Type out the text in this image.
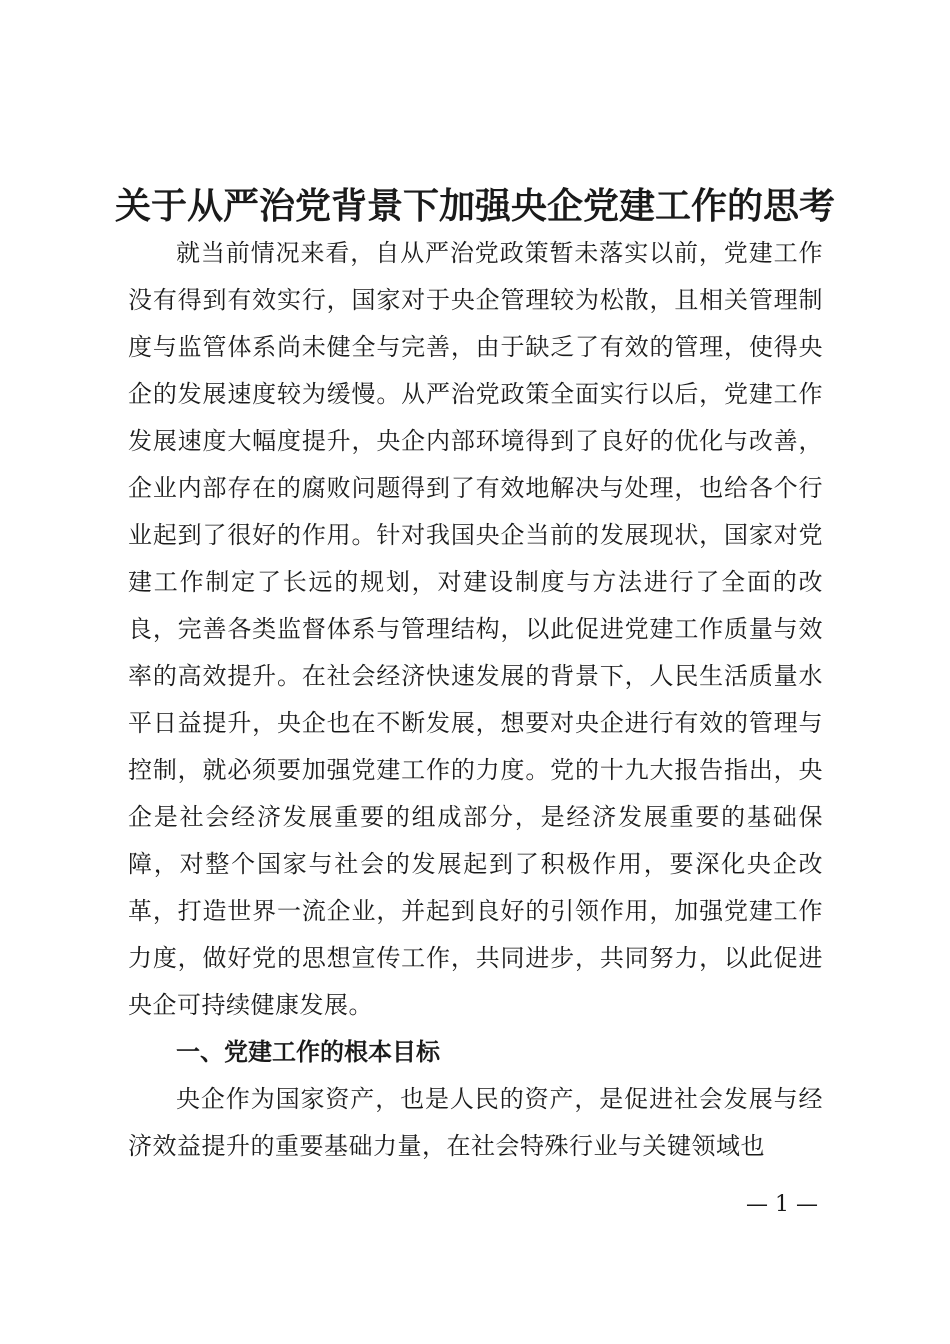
关于从严治党背景下加强央企党建工作的思考

就当前情况来看，自从严治党政策暂未落实以前，党建工作没有得到有效实行，国家对于央企管理较为松散，且相关管理制度与监管体系尚未健全与完善，由于缺乏了有效的管理，使得央企的发展速度较为缓慢。从严治党政策全面实行以后，党建工作发展速度大幅度提升，央企内部环境得到了良好的优化与改善，企业内部存在的腐败问题得到了有效地解决与处理，也给各个行业起到了很好的作用。针对我国央企当前的发展现状，国家对党建工作制定了长远的规划，对建设制度与方法进行了全面的改良，完善各类监督体系与管理结构，以此促进党建工作质量与效率的高效提升。在社会经济快速发展的背景下，人民生活质量水平日益提升，央企也在不断发展，想要对央企进行有效的管理与控制，就必须要加强党建工作的力度。党的十九大报告指出，央企是社会经济发展重要的组成部分，是经济发展重要的基础保障，对整个国家与社会的发展起到了积极作用，要深化央企改革，打造世界一流企业，并起到良好的引领作用，加强党建工作力度，做好党的思想宣传工作，共同进步，共同努力，以此促进央企可持续健康发展。

一、党建工作的根本目标

央企作为国家资产，也是人民的资产，是促进社会发展与经济效益提升的重要基础力量，在社会特殊行业与关键领域也

— 1 —
